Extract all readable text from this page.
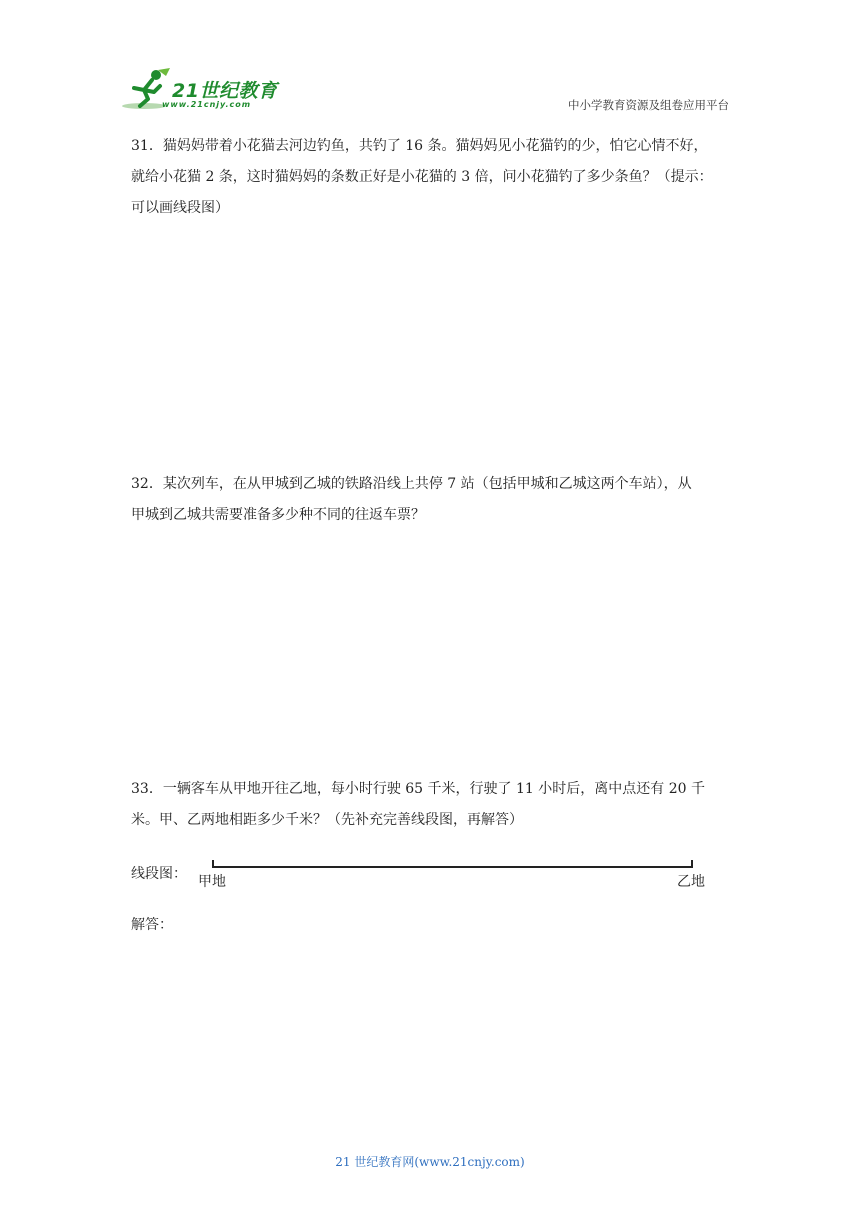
21世纪教育
www.21cnjy.com	中小学教育资源及组卷应用平台
31．猫妈妈带着小花猫去河边钓鱼，共钓了 16 条。猫妈妈见小花猫钓的少，怕它心情不好，
就给小花猫 2 条，这时猫妈妈的条数正好是小花猫的 3 倍，问小花猫钓了多少条鱼？（提示：
可以画线段图）
32．某次列车，在从甲城到乙城的铁路沿线上共停 7 站（包括甲城和乙城这两个车站），从
甲城到乙城共需要准备多少种不同的往返车票？
33．一辆客车从甲地开往乙地，每小时行驶 65 千米，行驶了 11 小时后，离中点还有 20 千
米。甲、乙两地相距多少千米？（先补充完善线段图，再解答）
线段图： 甲地	乙地
解答：
21 世纪教育网(www.21cnjy.com)
